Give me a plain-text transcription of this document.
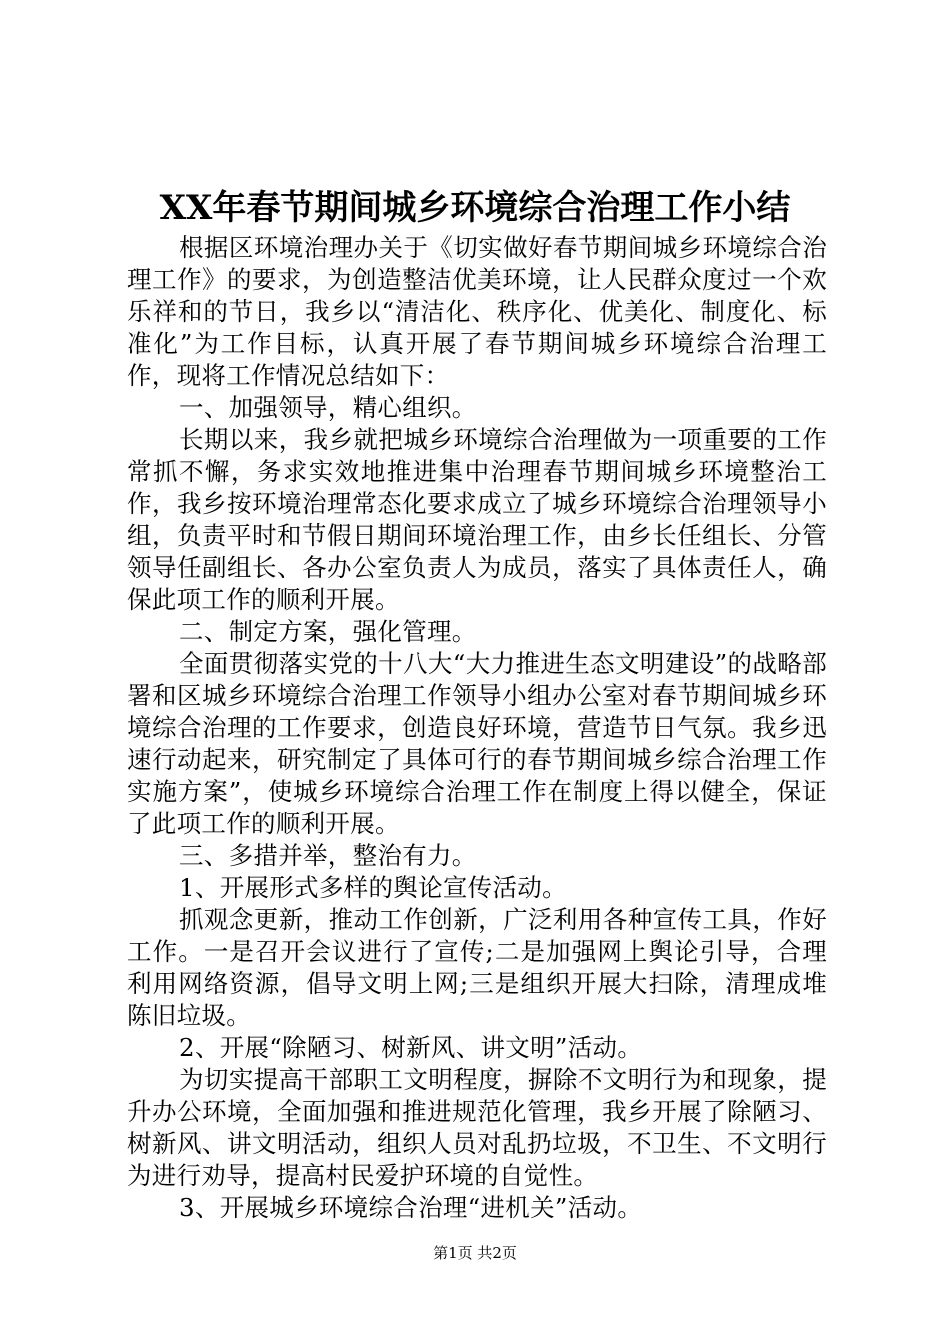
XX年春节期间城乡环境综合治理工作小结

根据区环境治理办关于《切实做好春节期间城乡环境综合治理工作》的要求，为创造整洁优美环境，让人民群众度过一个欢乐祥和的节日，我乡以“清洁化、秩序化、优美化、制度化、标准化”为工作目标，认真开展了春节期间城乡环境综合治理工作，现将工作情况总结如下：

一、加强领导，精心组织。

长期以来，我乡就把城乡环境综合治理做为一项重要的工作常抓不懈，务求实效地推进集中治理春节期间城乡环境整治工作，我乡按环境治理常态化要求成立了城乡环境综合治理领导小组，负责平时和节假日期间环境治理工作，由乡长任组长、分管领导任副组长、各办公室负责人为成员，落实了具体责任人，确保此项工作的顺利开展。

二、制定方案，强化管理。

全面贯彻落实党的十八大“大力推进生态文明建设”的战略部署和区城乡环境综合治理工作领导小组办公室对春节期间城乡环境综合治理的工作要求，创造良好环境，营造节日气氛。我乡迅速行动起来，研究制定了具体可行的春节期间城乡综合治理工作实施方案”，使城乡环境综合治理工作在制度上得以健全，保证了此项工作的顺利开展。

三、多措并举，整治有力。

1、开展形式多样的舆论宣传活动。

抓观念更新，推动工作创新，广泛利用各种宣传工具，作好工作。一是召开会议进行了宣传;二是加强网上舆论引导，合理利用网络资源，倡导文明上网;三是组织开展大扫除，清理成堆陈旧垃圾。

2、开展“除陋习、树新风、讲文明”活动。

为切实提高干部职工文明程度，摒除不文明行为和现象，提升办公环境，全面加强和推进规范化管理，我乡开展了除陋习、树新风、讲文明活动，组织人员对乱扔垃圾，不卫生、不文明行为进行劝导，提高村民爱护环境的自觉性。

3、开展城乡环境综合治理“进机关”活动。

第1页 共2页
